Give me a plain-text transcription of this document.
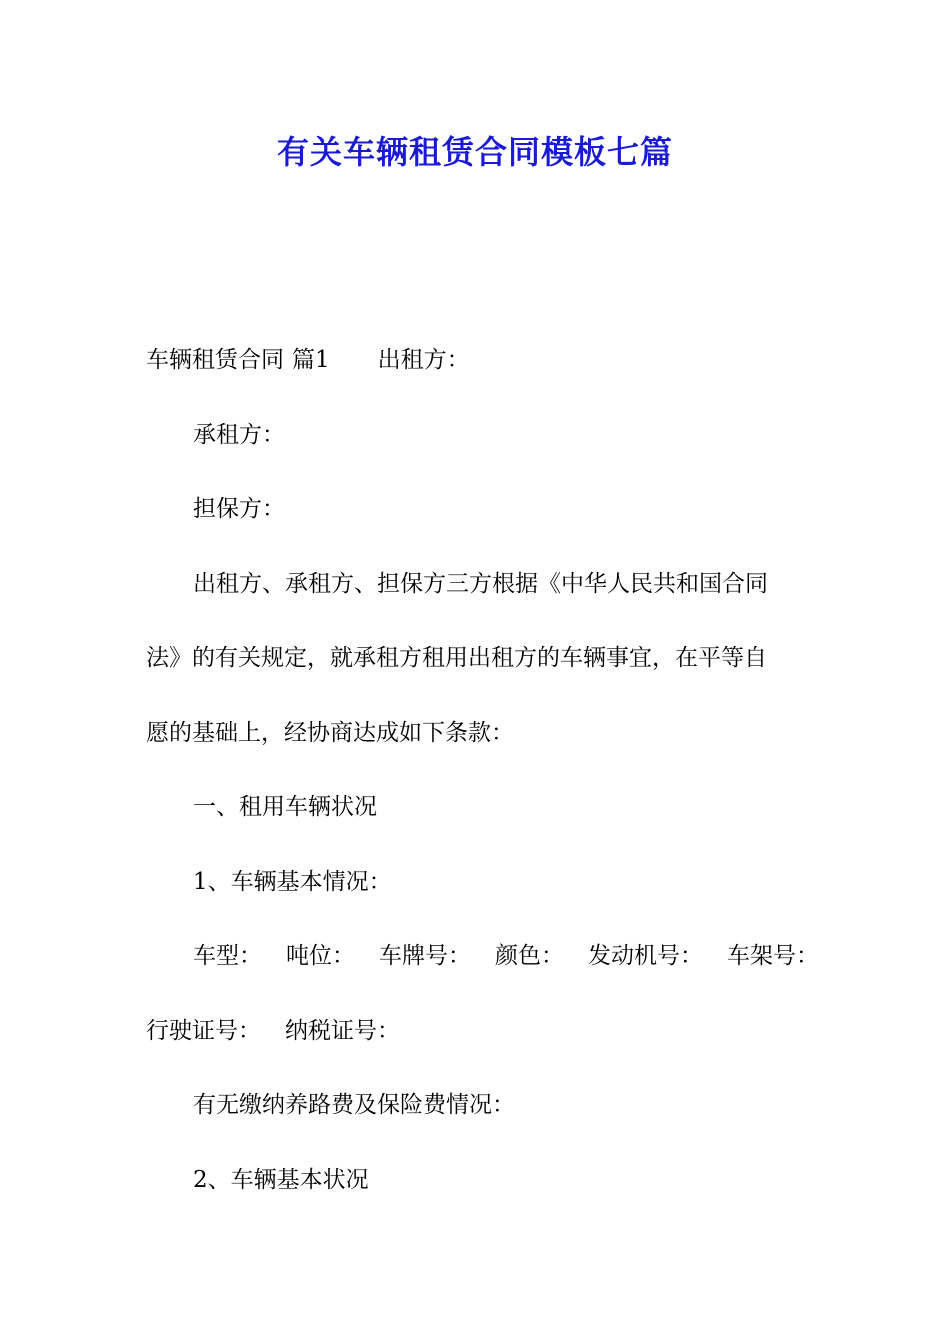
有关车辆租赁合同模板七篇

车辆租赁合同 篇1 出租方：

承租方：

担保方：

出租方、承租方、担保方三方根据《中华人民共和国合同

法》的有关规定，就承租方租用出租方的车辆事宜，在平等自

愿的基础上，经协商达成如下条款：

一、租用车辆状况

1、车辆基本情况：

车型： 吨位： 车牌号： 颜色： 发动机号： 车架号：

行驶证号： 纳税证号：

有无缴纳养路费及保险费情况：

2、车辆基本状况
